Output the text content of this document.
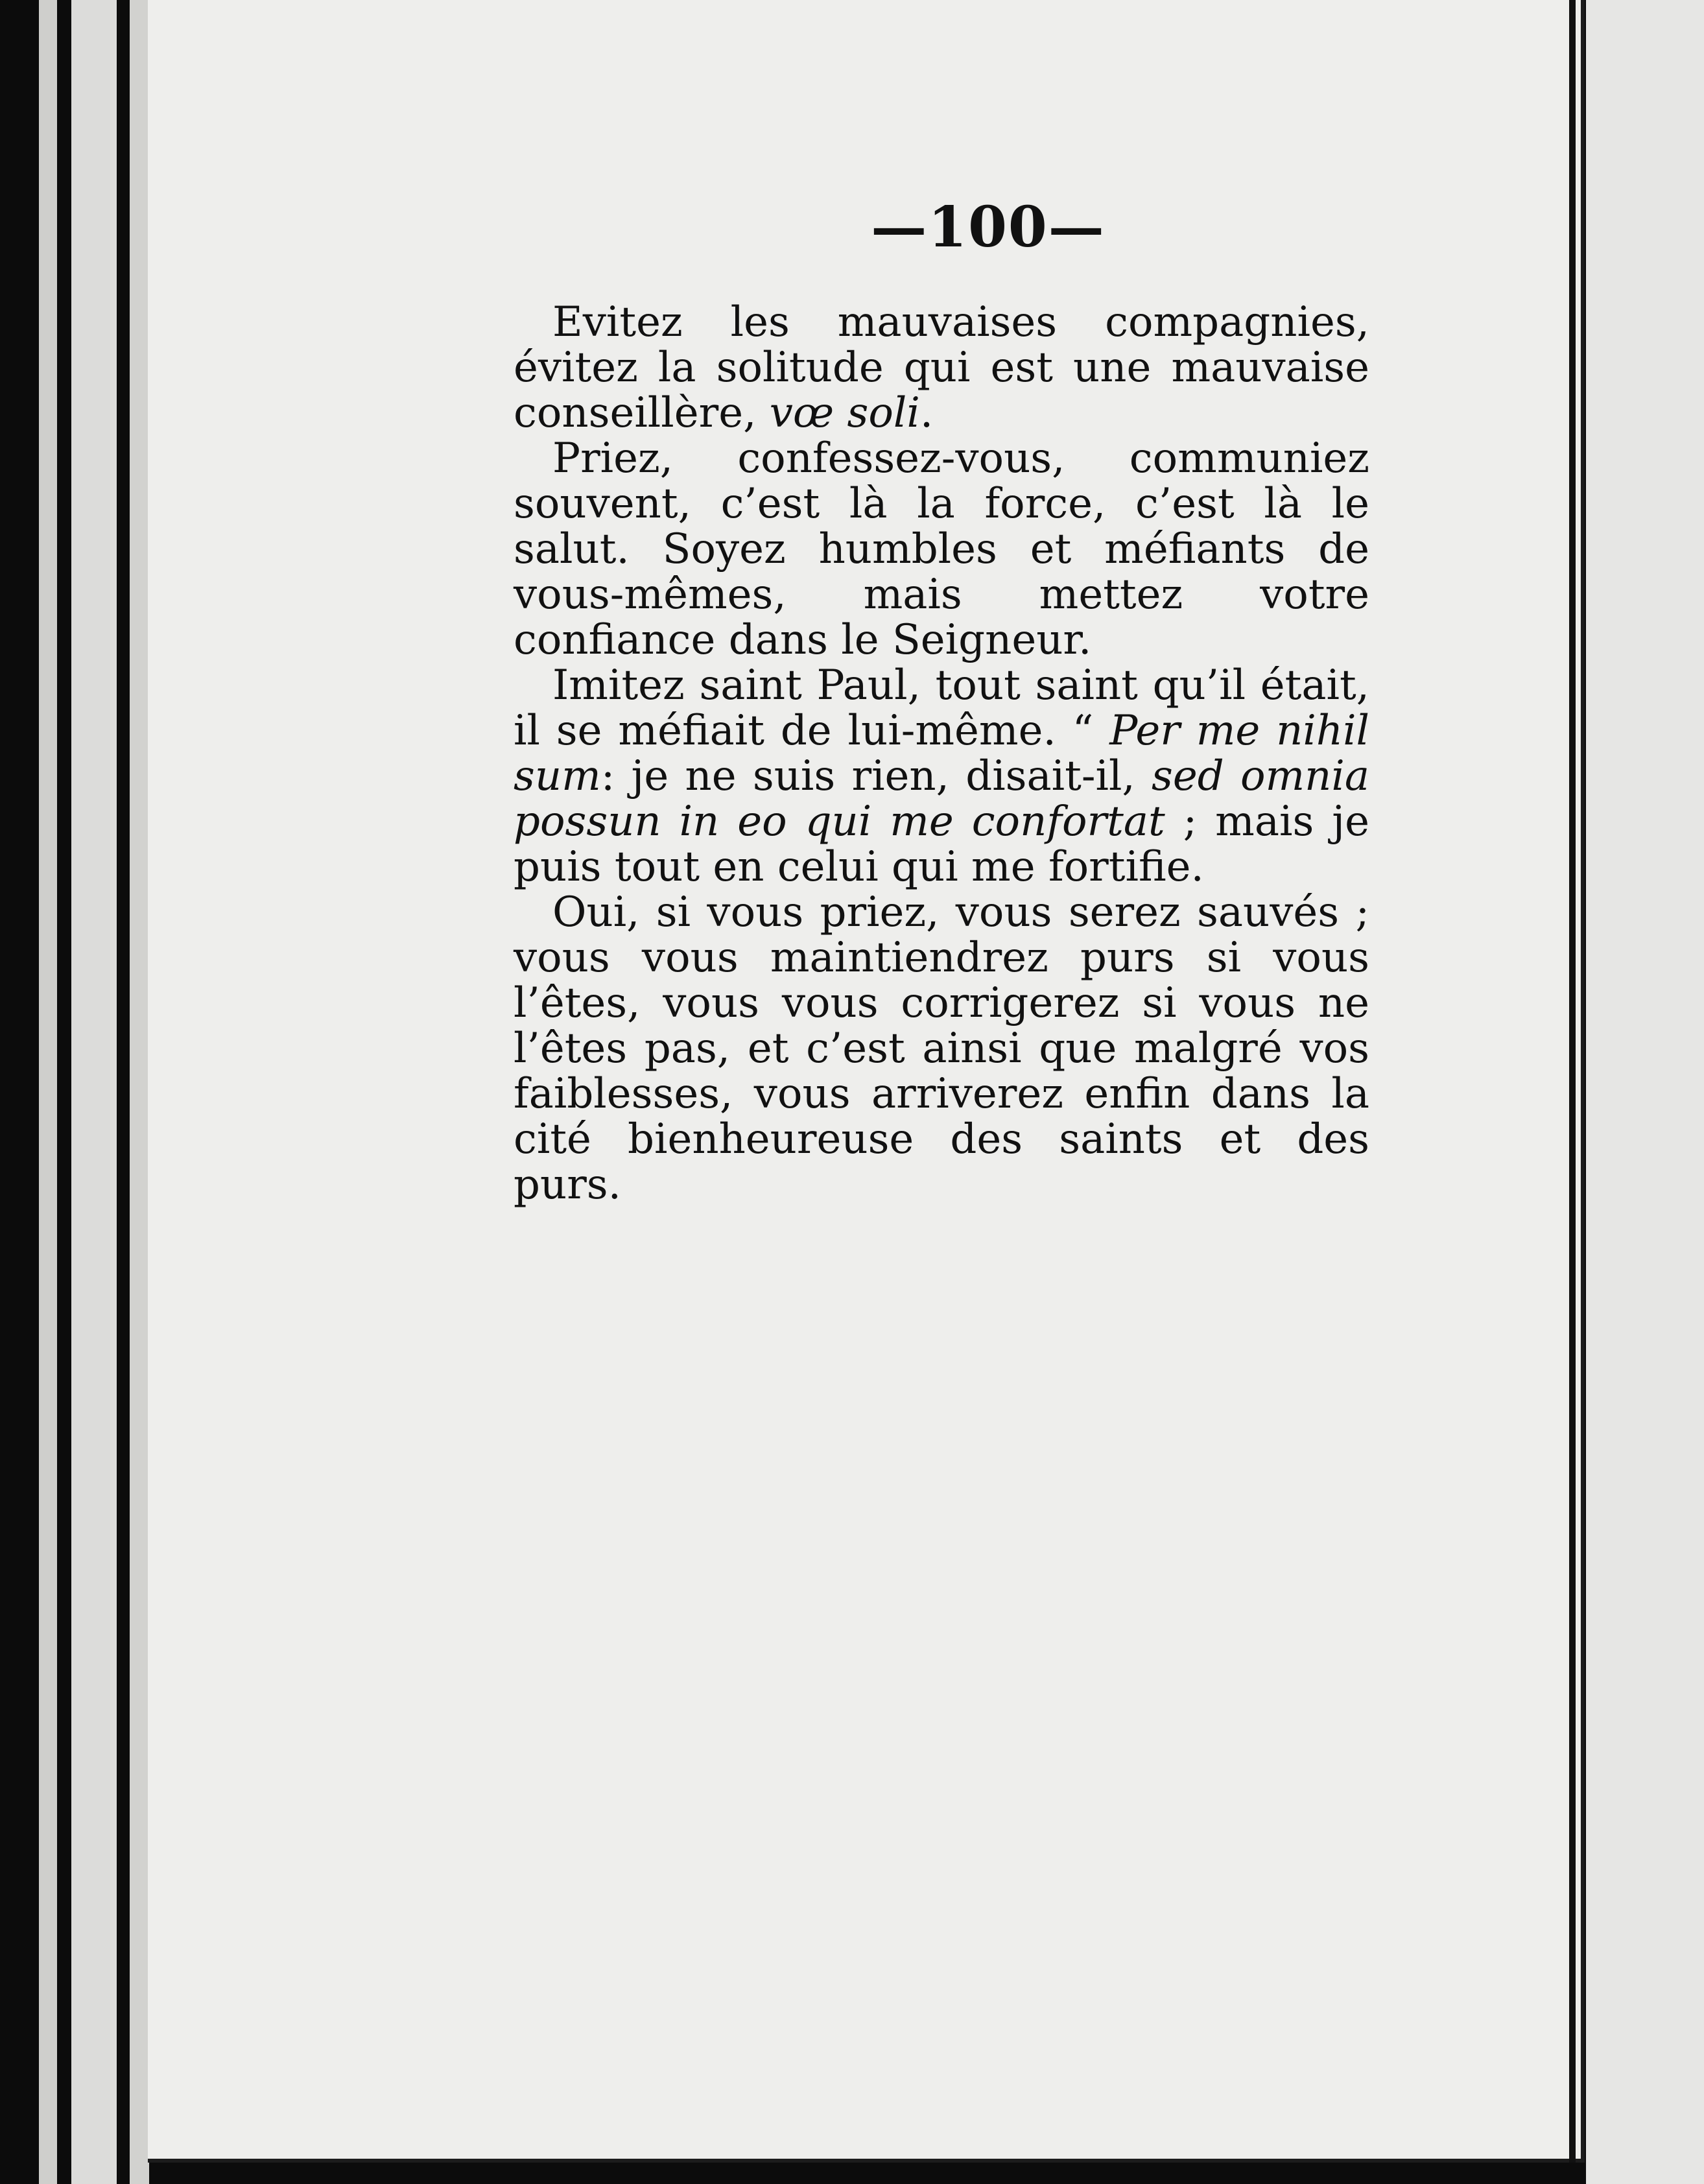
—100—

Evitez les mauvaises compagnies, évitez la solitude qui est une mauvaise conseillère, vœ soli.

Priez, confessez-vous, communiez souvent, c’est là la force, c’est là le salut. Soyez humbles et méfiants de vous-mêmes, mais mettez votre confiance dans le Seigneur.

Imitez saint Paul, tout saint qu’il était, il se méfiait de lui-même. “ Per me nihil sum: je ne suis rien, disait-il, sed omnia possun in eo qui me confortat ; mais je puis tout en celui qui me fortifie.

Oui, si vous priez, vous serez sauvés ; vous vous maintiendrez purs si vous l’êtes, vous vous corrigerez si vous ne l’êtes pas, et c’est ainsi que malgré vos faiblesses, vous arriverez enfin dans la cité bienheureuse des saints et des purs.
